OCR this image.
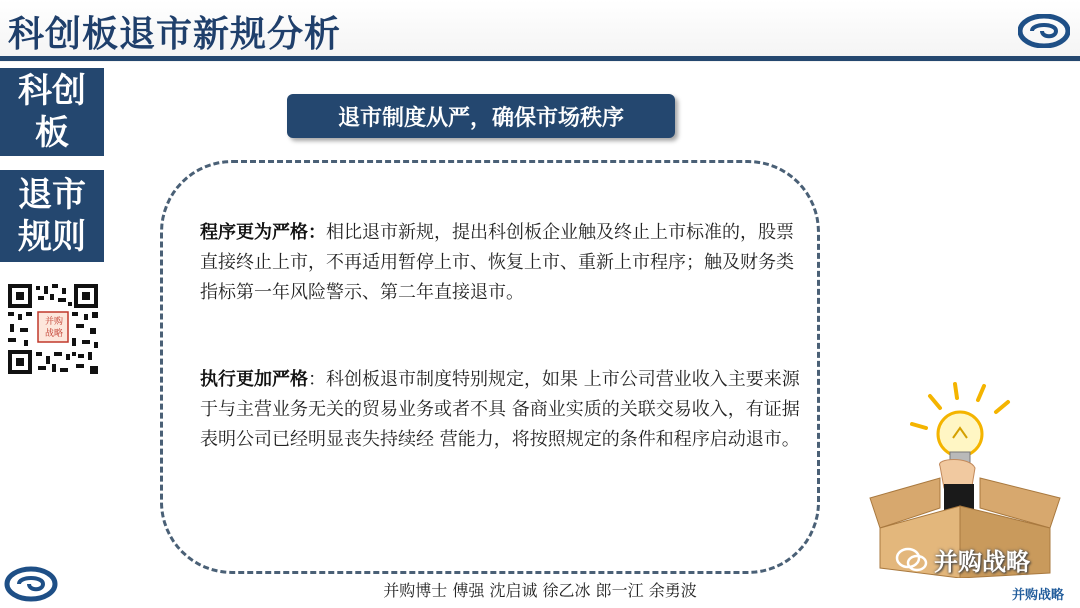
科创板退市新规分析
科创板
退市规则
并购
战略
退市制度从严，确保市场秩序
程序更为严格：相比退市新规，提出科创板企业触及终止上市标准的，股票直接终止上市，不再适用暂停上市、恢复上市、重新上市程序；触及财务类指标第一年风险警示、第二年直接退市。
执行更加严格：科创板退市制度特别规定，如果 上市公司营业收入主要来源于与主营业务无关的贸易业务或者不具 备商业实质的关联交易收入，有证据表明公司已经明显丧失持续经 营能力，将按照规定的条件和程序启动退市。
并购战略
并购战略
并购博士 傅强 沈启诚 徐乙冰 郎一江 余勇波
